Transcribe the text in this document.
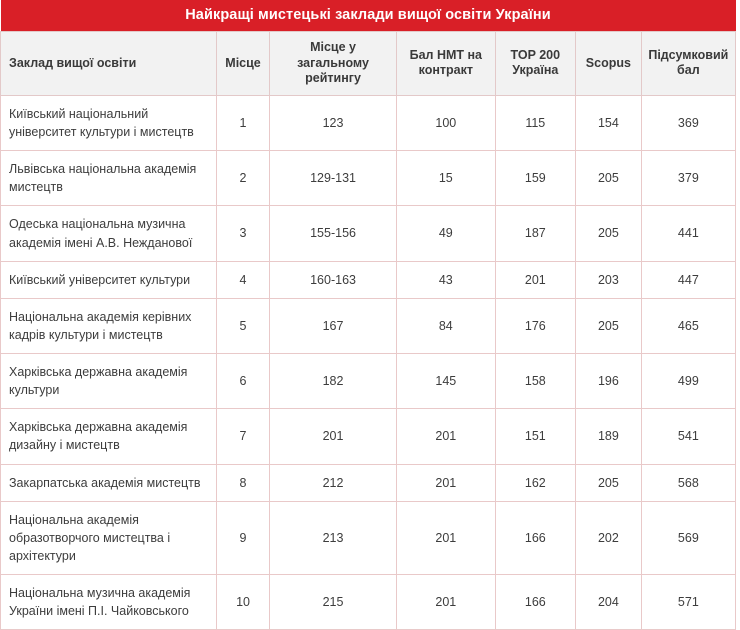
Найкращі мистецькі заклади вищої освіти України						
Заклад вищої освіти	Місце	Місце у загальному рейтингу	Бал НМТ на контракт	TOP 200 Україна	Scopus	Підсумковий бал
Київський національний університет культури і мистецтв	1	123	100	115	154	369
Львівська національна академія мистецтв	2	129-131	15	159	205	379
Одеська національна музична академія імені А.В. Нежданової	3	155-156	49	187	205	441
Київський університет культури	4	160-163	43	201	203	447
Національна академія керівних кадрів культури і мистецтв	5	167	84	176	205	465
Харківська державна академія культури	6	182	145	158	196	499
Харківська державна академія дизайну і мистецтв	7	201	201	151	189	541
Закарпатська академія мистецтв	8	212	201	162	205	568
Національна академія образотворчого мистецтва і архітектури	9	213	201	166	202	569
Національна музична академія України імені П.І. Чайковського	10	215	201	166	204	571
